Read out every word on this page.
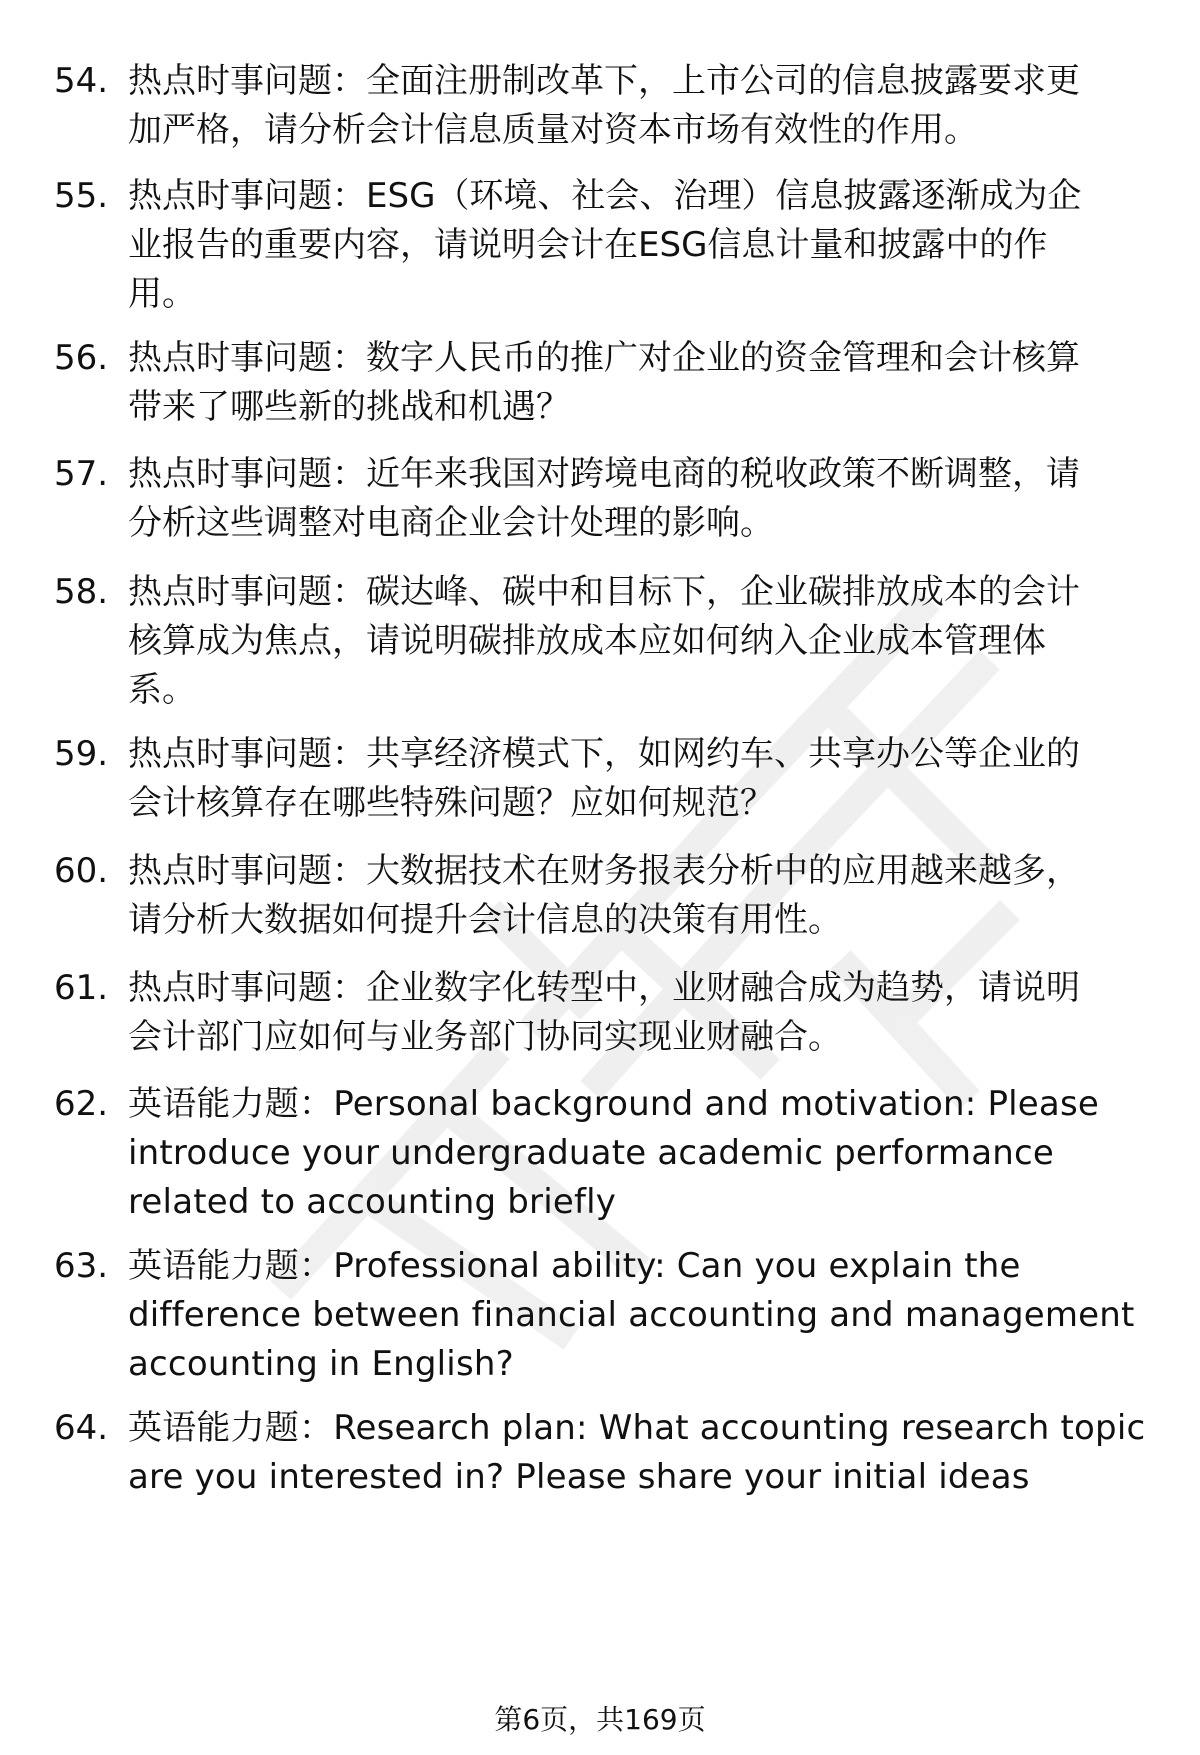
54. 热点时事问题：全面注册制改革下，上市公司的信息披露要求更
加严格，请分析会计信息质量对资本市场有效性的作用。
55. 热点时事问题：ESG（环境、社会、治理）信息披露逐渐成为企
业报告的重要内容，请说明会计在ESG信息计量和披露中的作
用。
56. 热点时事问题：数字人民币的推广对企业的资金管理和会计核算
带来了哪些新的挑战和机遇？
57. 热点时事问题：近年来我国对跨境电商的税收政策不断调整，请
分析这些调整对电商企业会计处理的影响。
58. 热点时事问题：碳达峰、碳中和目标下，企业碳排放成本的会计
核算成为焦点，请说明碳排放成本应如何纳入企业成本管理体
系。
59. 热点时事问题：共享经济模式下，如网约车、共享办公等企业的
会计核算存在哪些特殊问题？应如何规范？
60. 热点时事问题：大数据技术在财务报表分析中的应用越来越多，
请分析大数据如何提升会计信息的决策有用性。
61. 热点时事问题：企业数字化转型中，业财融合成为趋势，请说明
会计部门应如何与业务部门协同实现业财融合。
62. 英语能力题：Personal background and motivation: Please
introduce your undergraduate academic performance
related to accounting briefly
63. 英语能力题：Professional ability: Can you explain the
difference between financial accounting and management
accounting in English?
64. 英语能力题：Research plan: What accounting research topic
are you interested in? Please share your initial ideas
第6页，共169页
